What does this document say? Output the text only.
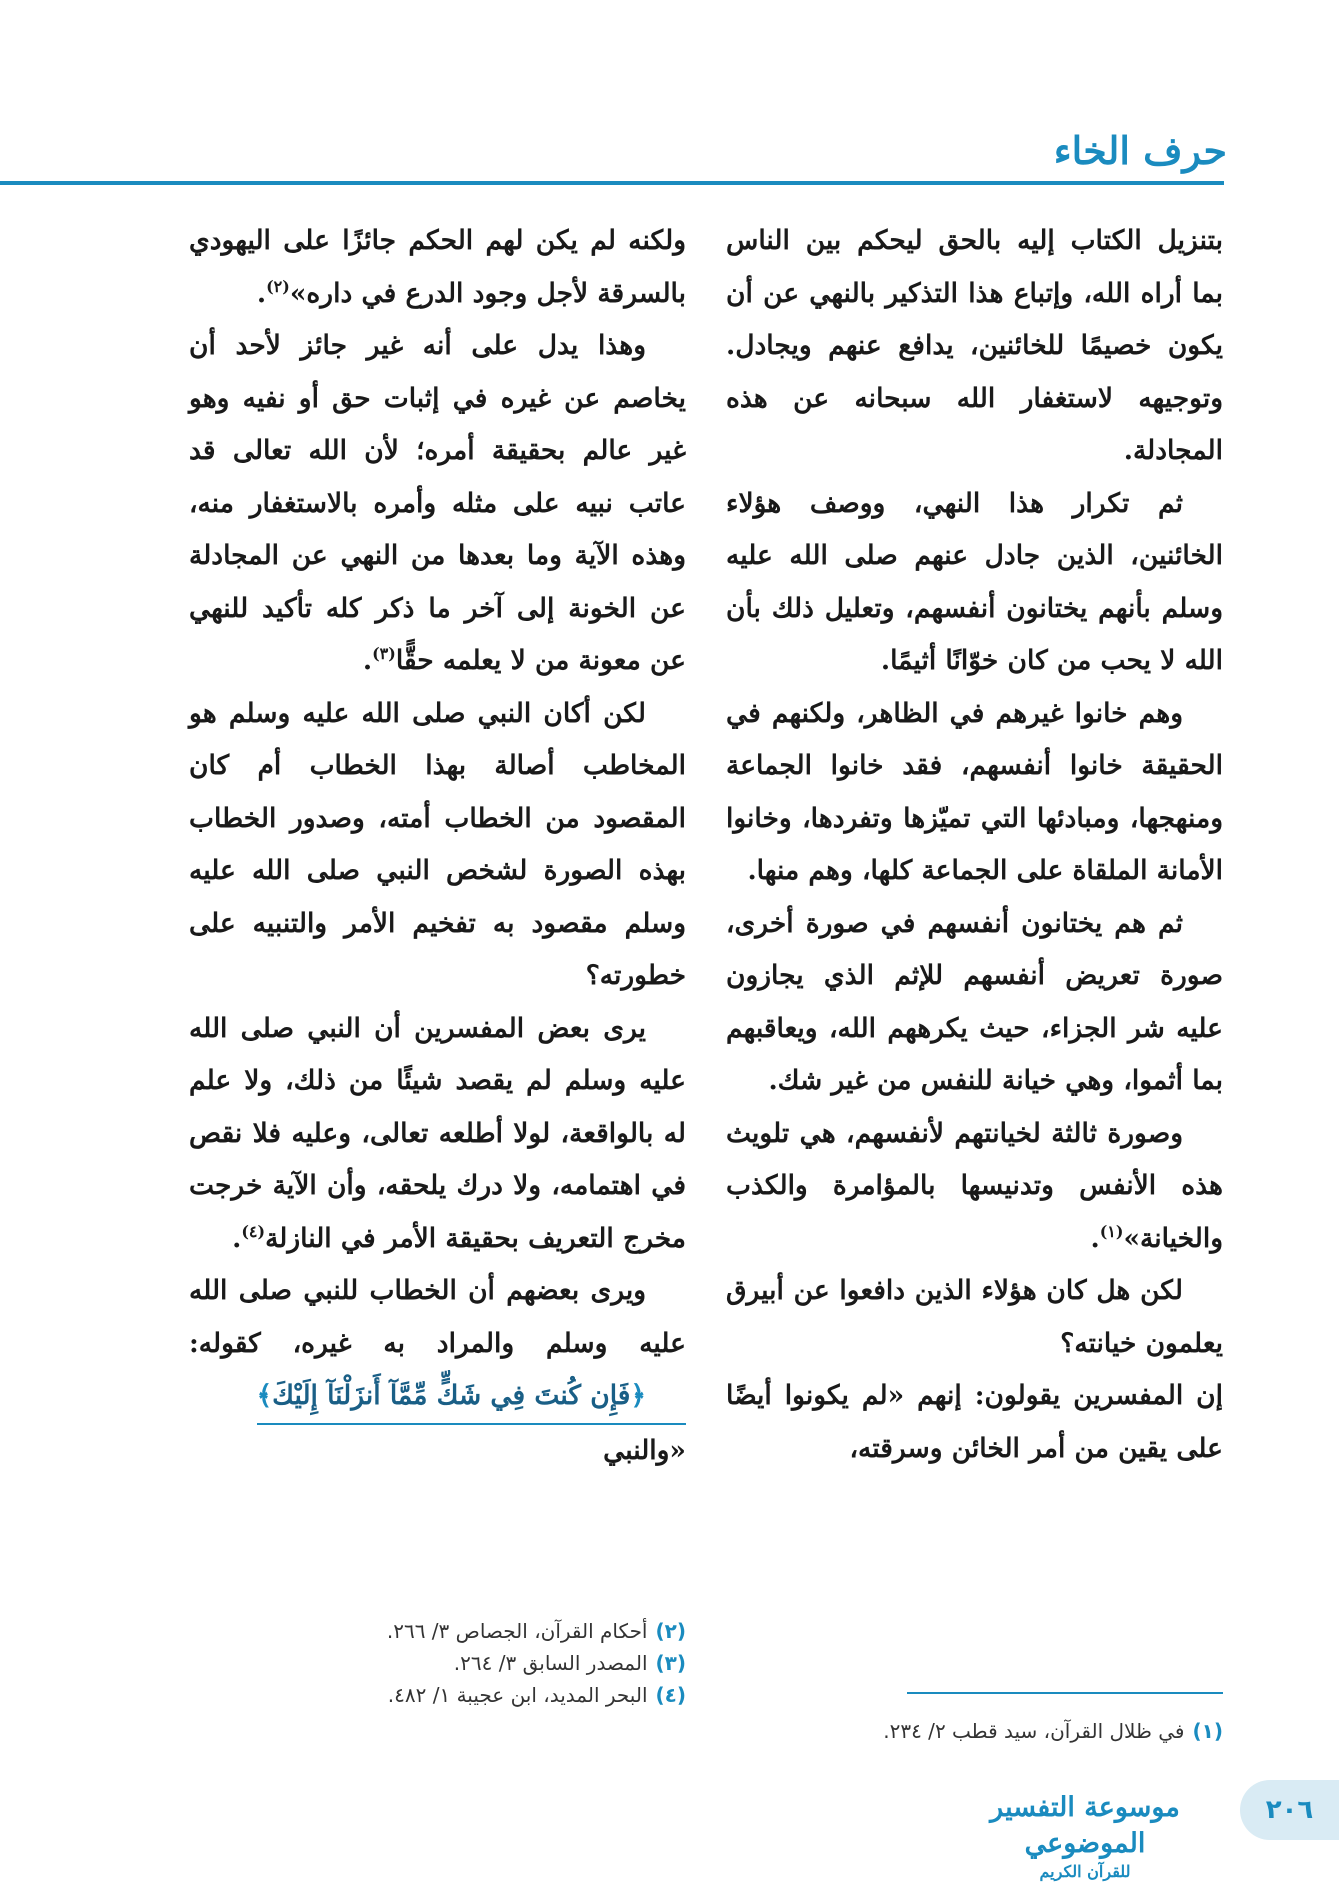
حرف الخاء

بتنزيل الكتاب إليه بالحق ليحكم بين الناس بما أراه الله، وإتباع هذا التذكير بالنهي عن أن يكون خصيمًا للخائنين، يدافع عنهم ويجادل. وتوجيهه لاستغفار الله سبحانه عن هذه المجادلة.

ثم تكرار هذا النهي، ووصف هؤلاء الخائنين، الذين جادل عنهم صلى الله عليه وسلم بأنهم يختانون أنفسهم، وتعليل ذلك بأن الله لا يحب من كان خوّانًا أثيمًا.

وهم خانوا غيرهم في الظاهر، ولكنهم في الحقيقة خانوا أنفسهم، فقد خانوا الجماعة ومنهجها، ومبادئها التي تميّزها وتفردها، وخانوا الأمانة الملقاة على الجماعة كلها، وهم منها.

ثم هم يختانون أنفسهم في صورة أخرى، صورة تعريض أنفسهم للإثم الذي يجازون عليه شر الجزاء، حيث يكرههم الله، ويعاقبهم بما أثموا، وهي خيانة للنفس من غير شك.

وصورة ثالثة لخيانتهم لأنفسهم، هي تلويث هذه الأنفس وتدنيسها بالمؤامرة والكذب والخيانة»$^{(١)}$.

لكن هل كان هؤلاء الذين دافعوا عن أبيرق يعلمون خيانته؟

إن المفسرين يقولون: إنهم «لم يكونوا أيضًا على يقين من أمر الخائن وسرقته،

ولكنه لم يكن لهم الحكم جائزًا على اليهودي بالسرقة لأجل وجود الدرع في داره»$^{(٢)}$.

وهذا يدل على أنه غير جائز لأحد أن يخاصم عن غيره في إثبات حق أو نفيه وهو غير عالم بحقيقة أمره؛ لأن الله تعالى قد عاتب نبيه على مثله وأمره بالاستغفار منه، وهذه الآية وما بعدها من النهي عن المجادلة عن الخونة إلى آخر ما ذكر كله تأكيد للنهي عن معونة من لا يعلمه حقًّا$^{(٣)}$.

لكن أكان النبي صلى الله عليه وسلم هو المخاطب أصالة بهذا الخطاب أم كان المقصود من الخطاب أمته، وصدور الخطاب بهذه الصورة لشخص النبي صلى الله عليه وسلم مقصود به تفخيم الأمر والتنبيه على خطورته؟

يرى بعض المفسرين أن النبي صلى الله عليه وسلم لم يقصد شيئًا من ذلك، ولا علم له بالواقعة، لولا أطلعه تعالى، وعليه فلا نقص في اهتمامه، ولا درك يلحقه، وأن الآية خرجت مخرج التعريف بحقيقة الأمر في النازلة$^{(٤)}$.

ويرى بعضهم أن الخطاب للنبي صلى الله عليه وسلم والمراد به غيره، كقوله: ﴿فَإِن كُنتَ فِي شَكٍّ مِّمَّآ أَنزَلْنَآ إِلَيْكَ﴾ «والنبي

(٢)أحكام القرآن، الجصاص ٣/ ٢٦٦.
(٣)المصدر السابق ٣/ ٢٦٤.
(٤)البحر المديد، ابن عجيبة ١/ ٤٨٢.
(١)في ظلال القرآن، سيد قطب ٢/ ٢٣٤.
موسوعة التفسير الموضوعي
للقرآن الكريم
٢٠٦
